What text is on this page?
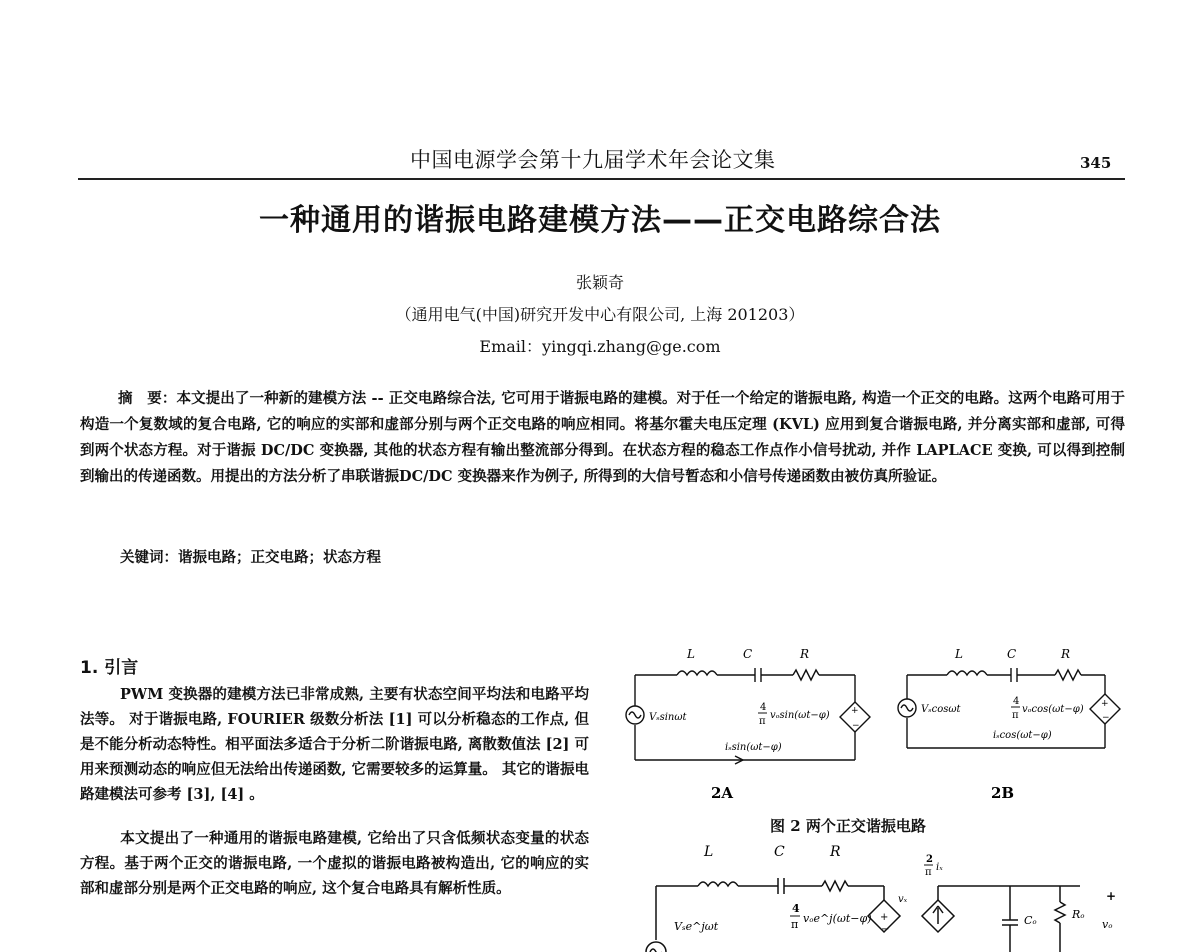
中国电源学会第十九届学术年会论文集	345
一种通用的谐振电路建模方法——正交电路综合法
张颖奇
（通用电气(中国)研究开发中心有限公司, 上海 201203）
Email：yingqi.zhang@ge.com
摘　要：本文提出了一种新的建模方法 -- 正交电路综合法, 它可用于谐振电路的建模。对于任一个给定的谐振电路, 构造一个正交的电路。这两个电路可用于构造一个复数域的复合电路, 它的响应的实部和虚部分别与两个正交电路的响应相同。将基尔霍夫电压定理 (KVL) 应用到复合谐振电路, 并分离实部和虚部, 可得到两个状态方程。对于谐振 DC/DC 变换器, 其他的状态方程有输出整流部分得到。在状态方程的稳态工作点作小信号扰动, 并作 LAPLACE 变换, 可以得到控制到输出的传递函数。用提出的方法分析了串联谐振DC/DC 变换器来作为例子, 所得到的大信号暂态和小信号传递函数由被仿真所验证。
关键词：谐振电路；正交电路；状态方程
1. 引言
PWM 变换器的建模方法已非常成熟, 主要有状态空间平均法和电路平均法等。 对于谐振电路, FOURIER 级数分析法 [1] 可以分析稳态的工作点, 但是不能分析动态特性。相平面法多适合于分析二阶谐振电路, 离散数值法 [2] 可用来预测动态的响应但无法给出传递函数, 它需要较多的运算量。 其它的谐振电路建模法可参考 [3], [4] 。
本文提出了一种通用的谐振电路建模, 它给出了只含低频状态变量的状态方程。基于两个正交的谐振电路, 一个虚拟的谐振电路被构造出, 它的响应的实部和虚部分别是两个正交电路的响应, 这个复合电路具有解析性质。
L	C	R
Vₛsinωt
4
π
vₒsin(ωt−φ) +
−
iₛsin(ωt−φ)
2A
L	C	R
Vₛcosωt
4
π
vₒcos(ωt−φ) +
−
iₛcos(ωt−φ)
2B
图 2 两个正交谐振电路
L	C	R
Vₛe^jωt
4
π vₒe^j(ωt−φ)
vₓ
+
−
2
π iₓ
Cₒ	Rₒ
+
vₒ
